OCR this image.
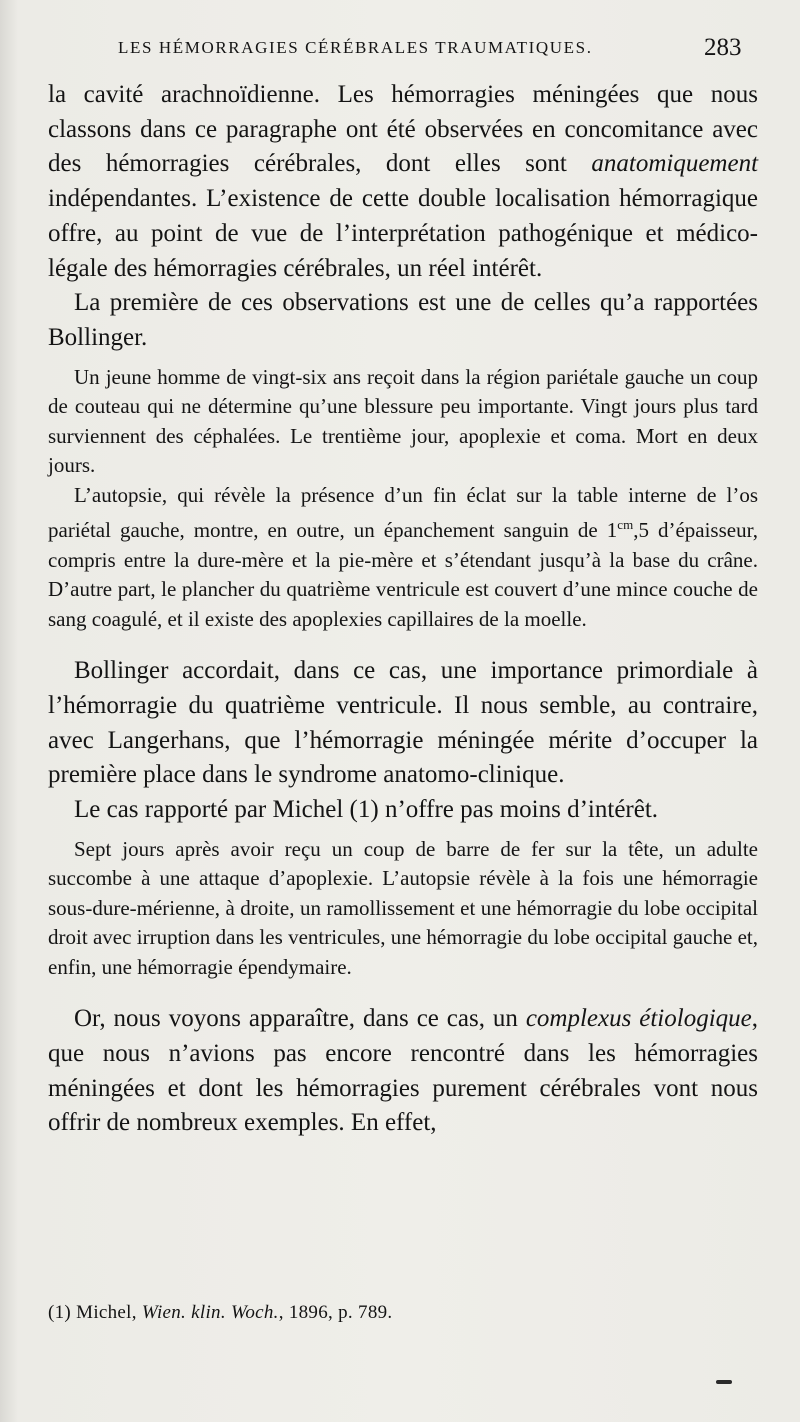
LES HÉMORRAGIES CÉRÉBRALES TRAUMATIQUES.	283

la cavité arachnoïdienne. Les hémorragies méningées que nous classons dans ce paragraphe ont été observées en concomitance avec des hémorragies cérébrales, dont elles sont anatomiquement indépendantes. L’existence de cette double localisation hémorragique offre, au point de vue de l’interprétation pathogénique et médico-légale des hémorragies cérébrales, un réel intérêt.

La première de ces observations est une de celles qu’a rapportées Bollinger.

Un jeune homme de vingt-six ans reçoit dans la région pariétale gauche un coup de couteau qui ne détermine qu’une blessure peu importante. Vingt jours plus tard surviennent des céphalées. Le trentième jour, apoplexie et coma. Mort en deux jours.

L’autopsie, qui révèle la présence d’un fin éclat sur la table interne de l’os pariétal gauche, montre, en outre, un épanchement sanguin de $1^{cm},5$ d’épaisseur, compris entre la dure-mère et la pie-mère et s’étendant jusqu’à la base du crâne. D’autre part, le plancher du quatrième ventricule est couvert d’une mince couche de sang coagulé, et il existe des apoplexies capillaires de la moelle.

Bollinger accordait, dans ce cas, une importance primordiale à l’hémorragie du quatrième ventricule. Il nous semble, au contraire, avec Langerhans, que l’hémorragie méningée mérite d’occuper la première place dans le syndrome anatomo-clinique.

Le cas rapporté par Michel (1) n’offre pas moins d’intérêt.

Sept jours après avoir reçu un coup de barre de fer sur la tête, un adulte succombe à une attaque d’apoplexie. L’autopsie révèle à la fois une hémorragie sous-dure-mérienne, à droite, un ramollissement et une hémorragie du lobe occipital droit avec irruption dans les ventricules, une hémorragie du lobe occipital gauche et, enfin, une hémorragie épendymaire.

Or, nous voyons apparaître, dans ce cas, un complexus étiologique, que nous n’avions pas encore rencontré dans les hémorragies méningées et dont les hémorragies purement cérébrales vont nous offrir de nombreux exemples. En effet,

(1) Michel, Wien. klin. Woch., 1896, p. 789.
